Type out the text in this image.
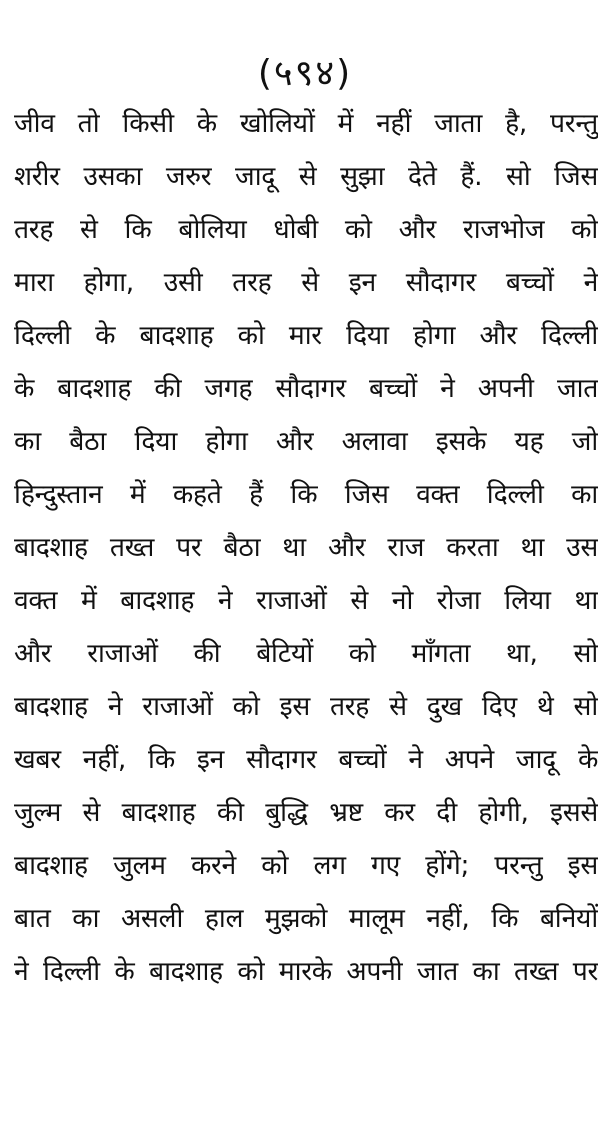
(५९४)
जीव तो किसी के खोलियों में नहीं जाता है, परन्तु
शरीर उसका जरुर जादू से सुझा देते हैं. सो जिस
तरह से कि बोलिया धोबी को और राजभोज को
मारा होगा, उसी तरह से इन सौदागर बच्चों ने
दिल्ली के बादशाह को मार दिया होगा और दिल्ली
के बादशाह की जगह सौदागर बच्चों ने अपनी जात
का बैठा दिया होगा और अलावा इसके यह जो
हिन्दुस्तान में कहते हैं कि जिस वक्त दिल्ली का
बादशाह तख्त पर बैठा था और राज करता था उस
वक्त में बादशाह ने राजाओं से नो रोजा लिया था
और राजाओं की बेटियों को माँगता था, सो
बादशाह ने राजाओं को इस तरह से दुख दिए थे सो
खबर नहीं, कि इन सौदागर बच्चों ने अपने जादू के
जुल्म से बादशाह की बुद्धि भ्रष्ट कर दी होगी, इससे
बादशाह जुलम करने को लग गए होंगे; परन्तु इस
बात का असली हाल मुझको मालूम नहीं, कि बनियों
ने दिल्ली के बादशाह को मारके अपनी जात का तख्त पर
